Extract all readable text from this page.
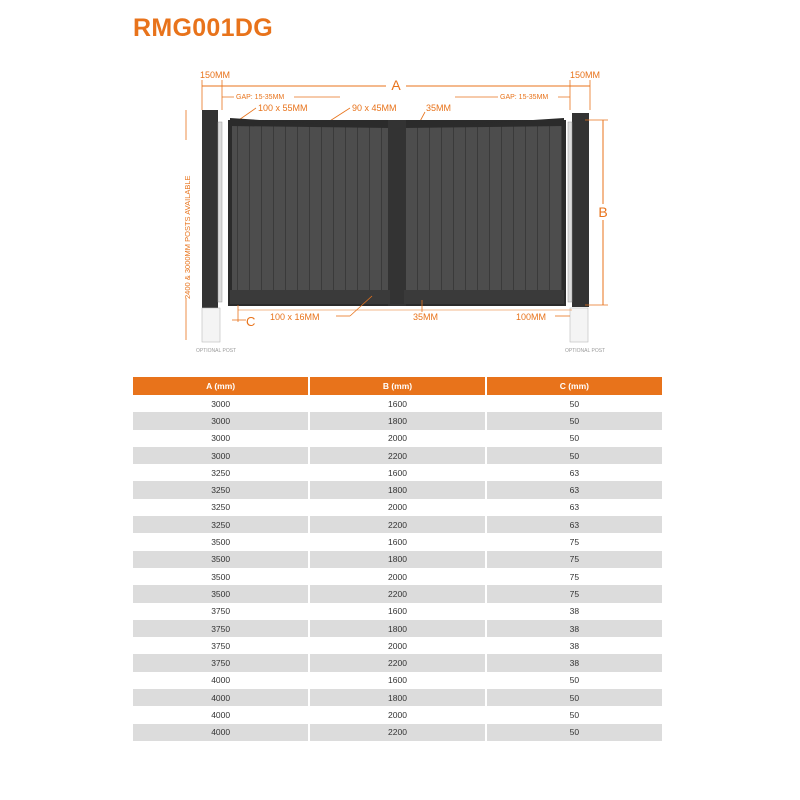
RMG001DG
A
150MM	150MM
GAP: 15-35MM	GAP: 15-35MM
100 x 55MM	90 x 45MM	35MM
2400 & 3000MM POSTS AVAILABLE	B
C 100 x 16MM	35MM	100MM
OPTIONAL POST	OPTIONAL POST
A (mm)	B (mm)	C (mm)
3000	1600	50
3000	1800	50
3000	2000	50
3000	2200	50
3250	1600	63
3250	1800	63
3250	2000	63
3250	2200	63
3500	1600	75
3500	1800	75
3500	2000	75
3500	2200	75
3750	1600	38
3750	1800	38
3750	2000	38
3750	2200	38
4000	1600	50
4000	1800	50
4000	2000	50
4000	2200	50
